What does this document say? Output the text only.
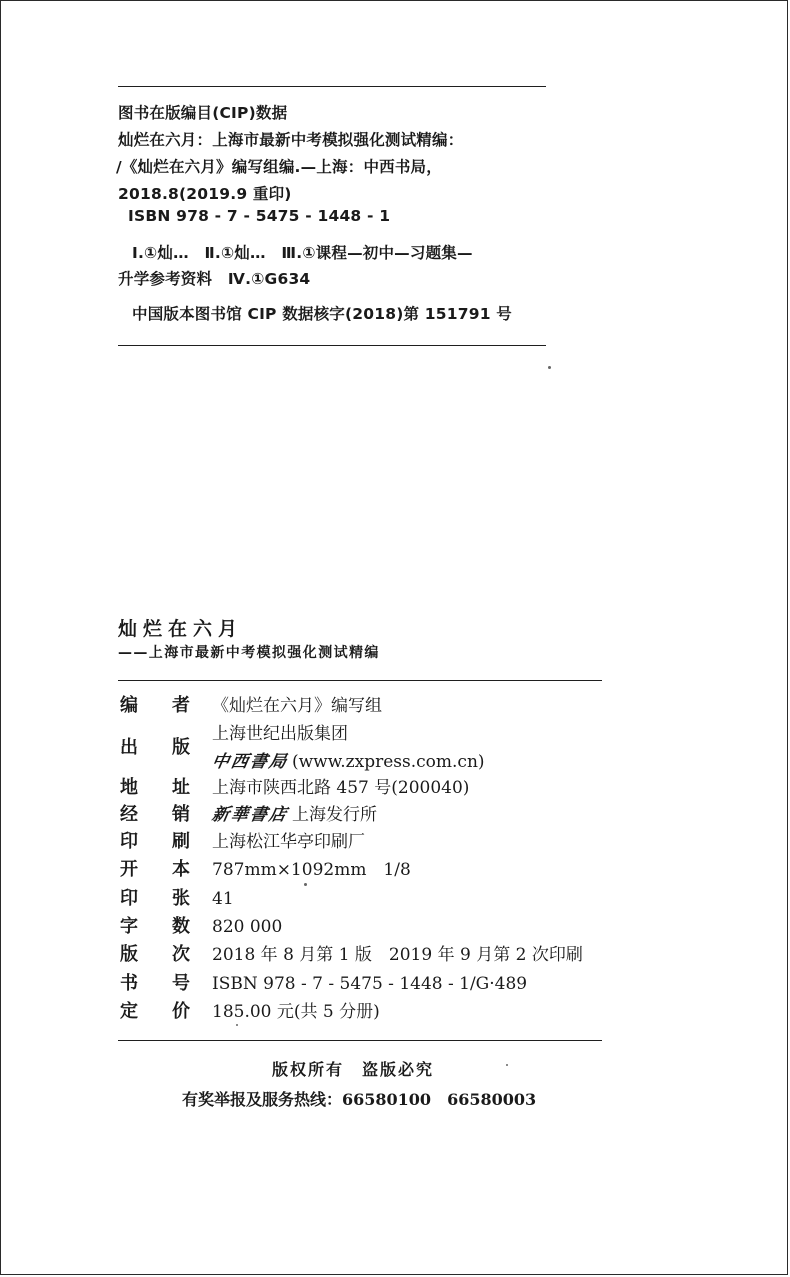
图书在版编目(CIP)数据
灿烂在六月：上海市最新中考模拟强化测试精编：
/《灿烂在六月》编写组编.—上海：中西书局，
2018.8(2019.9 重印)
ISBN 978 - 7 - 5475 - 1448 - 1
Ⅰ.①灿…　Ⅱ.①灿…　Ⅲ.①课程—初中—习题集—
升学参考资料　Ⅳ.①G634
中国版本图书馆 CIP 数据核字(2018)第 151791 号
灿烂在六月
——上海市最新中考模拟强化测试精编
编 者 《灿烂在六月》编写组
出 版
上海世纪出版集团
中西書局 (www.zxpress.com.cn)
地 址 上海市陕西北路 457 号(200040)
经 销 新華書店 上海发行所
印 刷 上海松江华亭印刷厂
开 本 787mm×1092mm　1/8
印 张 41
字 数 820 000
版 次 2018 年 8 月第 1 版　2019 年 9 月第 2 次印刷
书 号 ISBN 978 - 7 - 5475 - 1448 - 1/G·489
定 价 185.00 元(共 5 分册)
版权所有　盗版必究
有奖举报及服务热线：66580100　66580003
